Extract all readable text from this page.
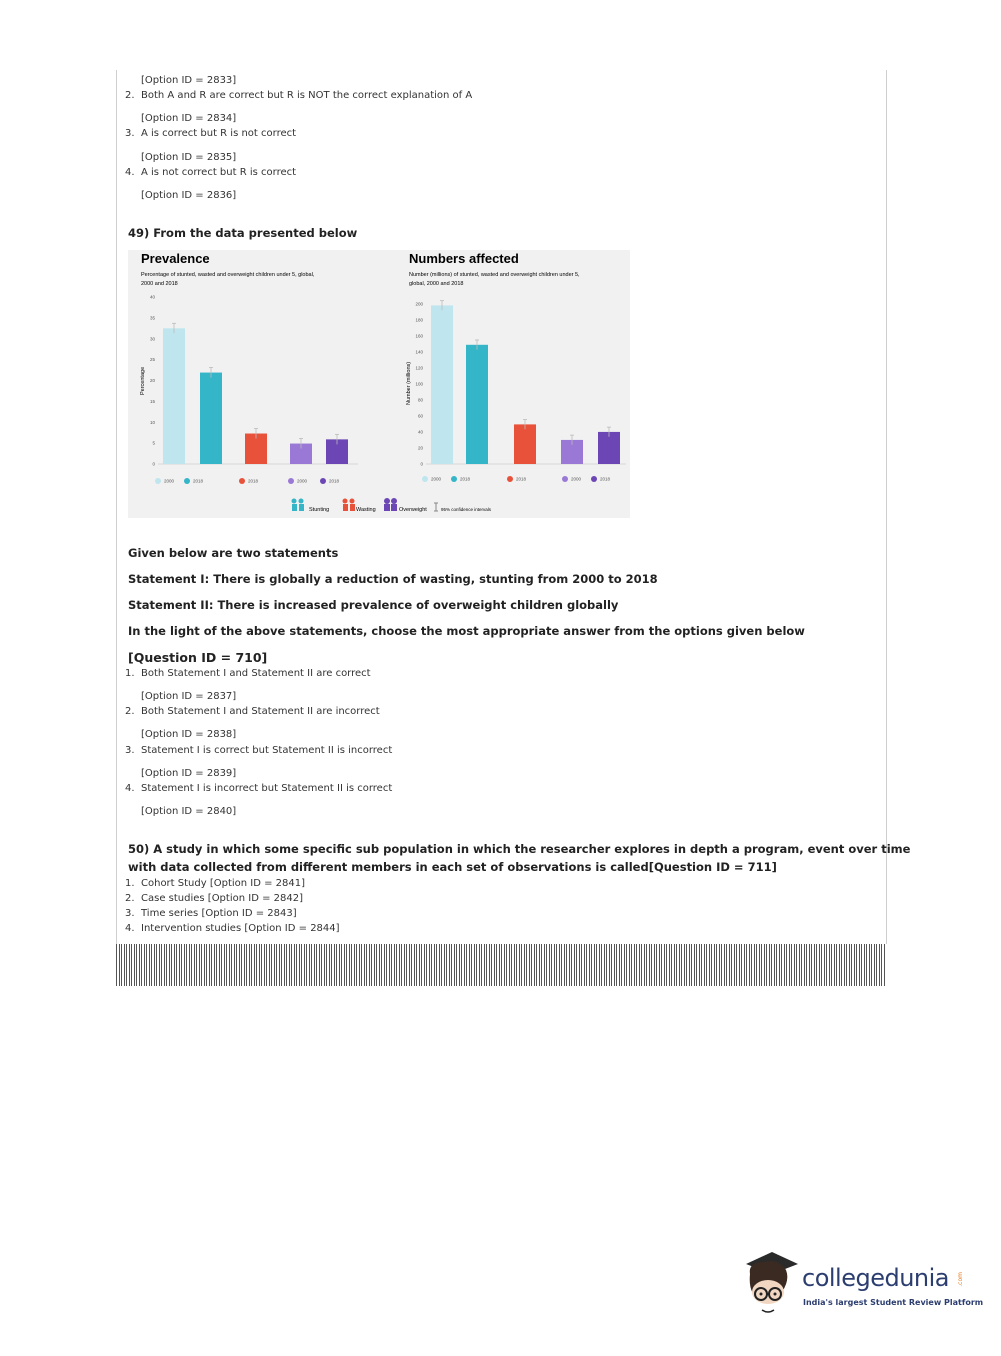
[Option ID = 2833]
2. Both A and R are correct but R is NOT the correct explanation of A
[Option ID = 2834]
3. A is correct but R is not correct
[Option ID = 2835]
4. A is not correct but R is correct
[Option ID = 2836]
49) From the data presented below
Prevalence
Percentage of stunted, wasted and overweight children under 5, global,
2000 and 2018
Percentage
0
5
10
15
20
25
30
35
40
2000	2018	2018	2000	2018
Numbers affected
Number (millions) of stunted, wasted and overweight children under 5,
global, 2000 and 2018
Number (millions)
0
20
40
60
80
100
120
140
160
180
200
2000	2018	2018	2000	2018
Stunting	Wasting	Overweight	95% confidence intervals
Given below are two statements
Statement I: There is globally a reduction of wasting, stunting from 2000 to 2018
Statement II: There is increased prevalence of overweight children globally
In the light of the above statements, choose the most appropriate answer from the options given below
[Question ID = 710]
1. Both Statement I and Statement II are correct
[Option ID = 2837]
2. Both Statement I and Statement II are incorrect
[Option ID = 2838]
3. Statement I is correct but Statement II is incorrect
[Option ID = 2839]
4. Statement I is incorrect but Statement II is correct
[Option ID = 2840]
50) A study in which some specific sub population in which the researcher explores in depth a program, event over time
with data collected from different members in each set of observations is called[Question ID = 711]
1. Cohort Study [Option ID = 2841]
2. Case studies [Option ID = 2842]
3. Time series [Option ID = 2843]
4. Intervention studies [Option ID = 2844]
collegedunia .com
India's largest Student Review Platform
